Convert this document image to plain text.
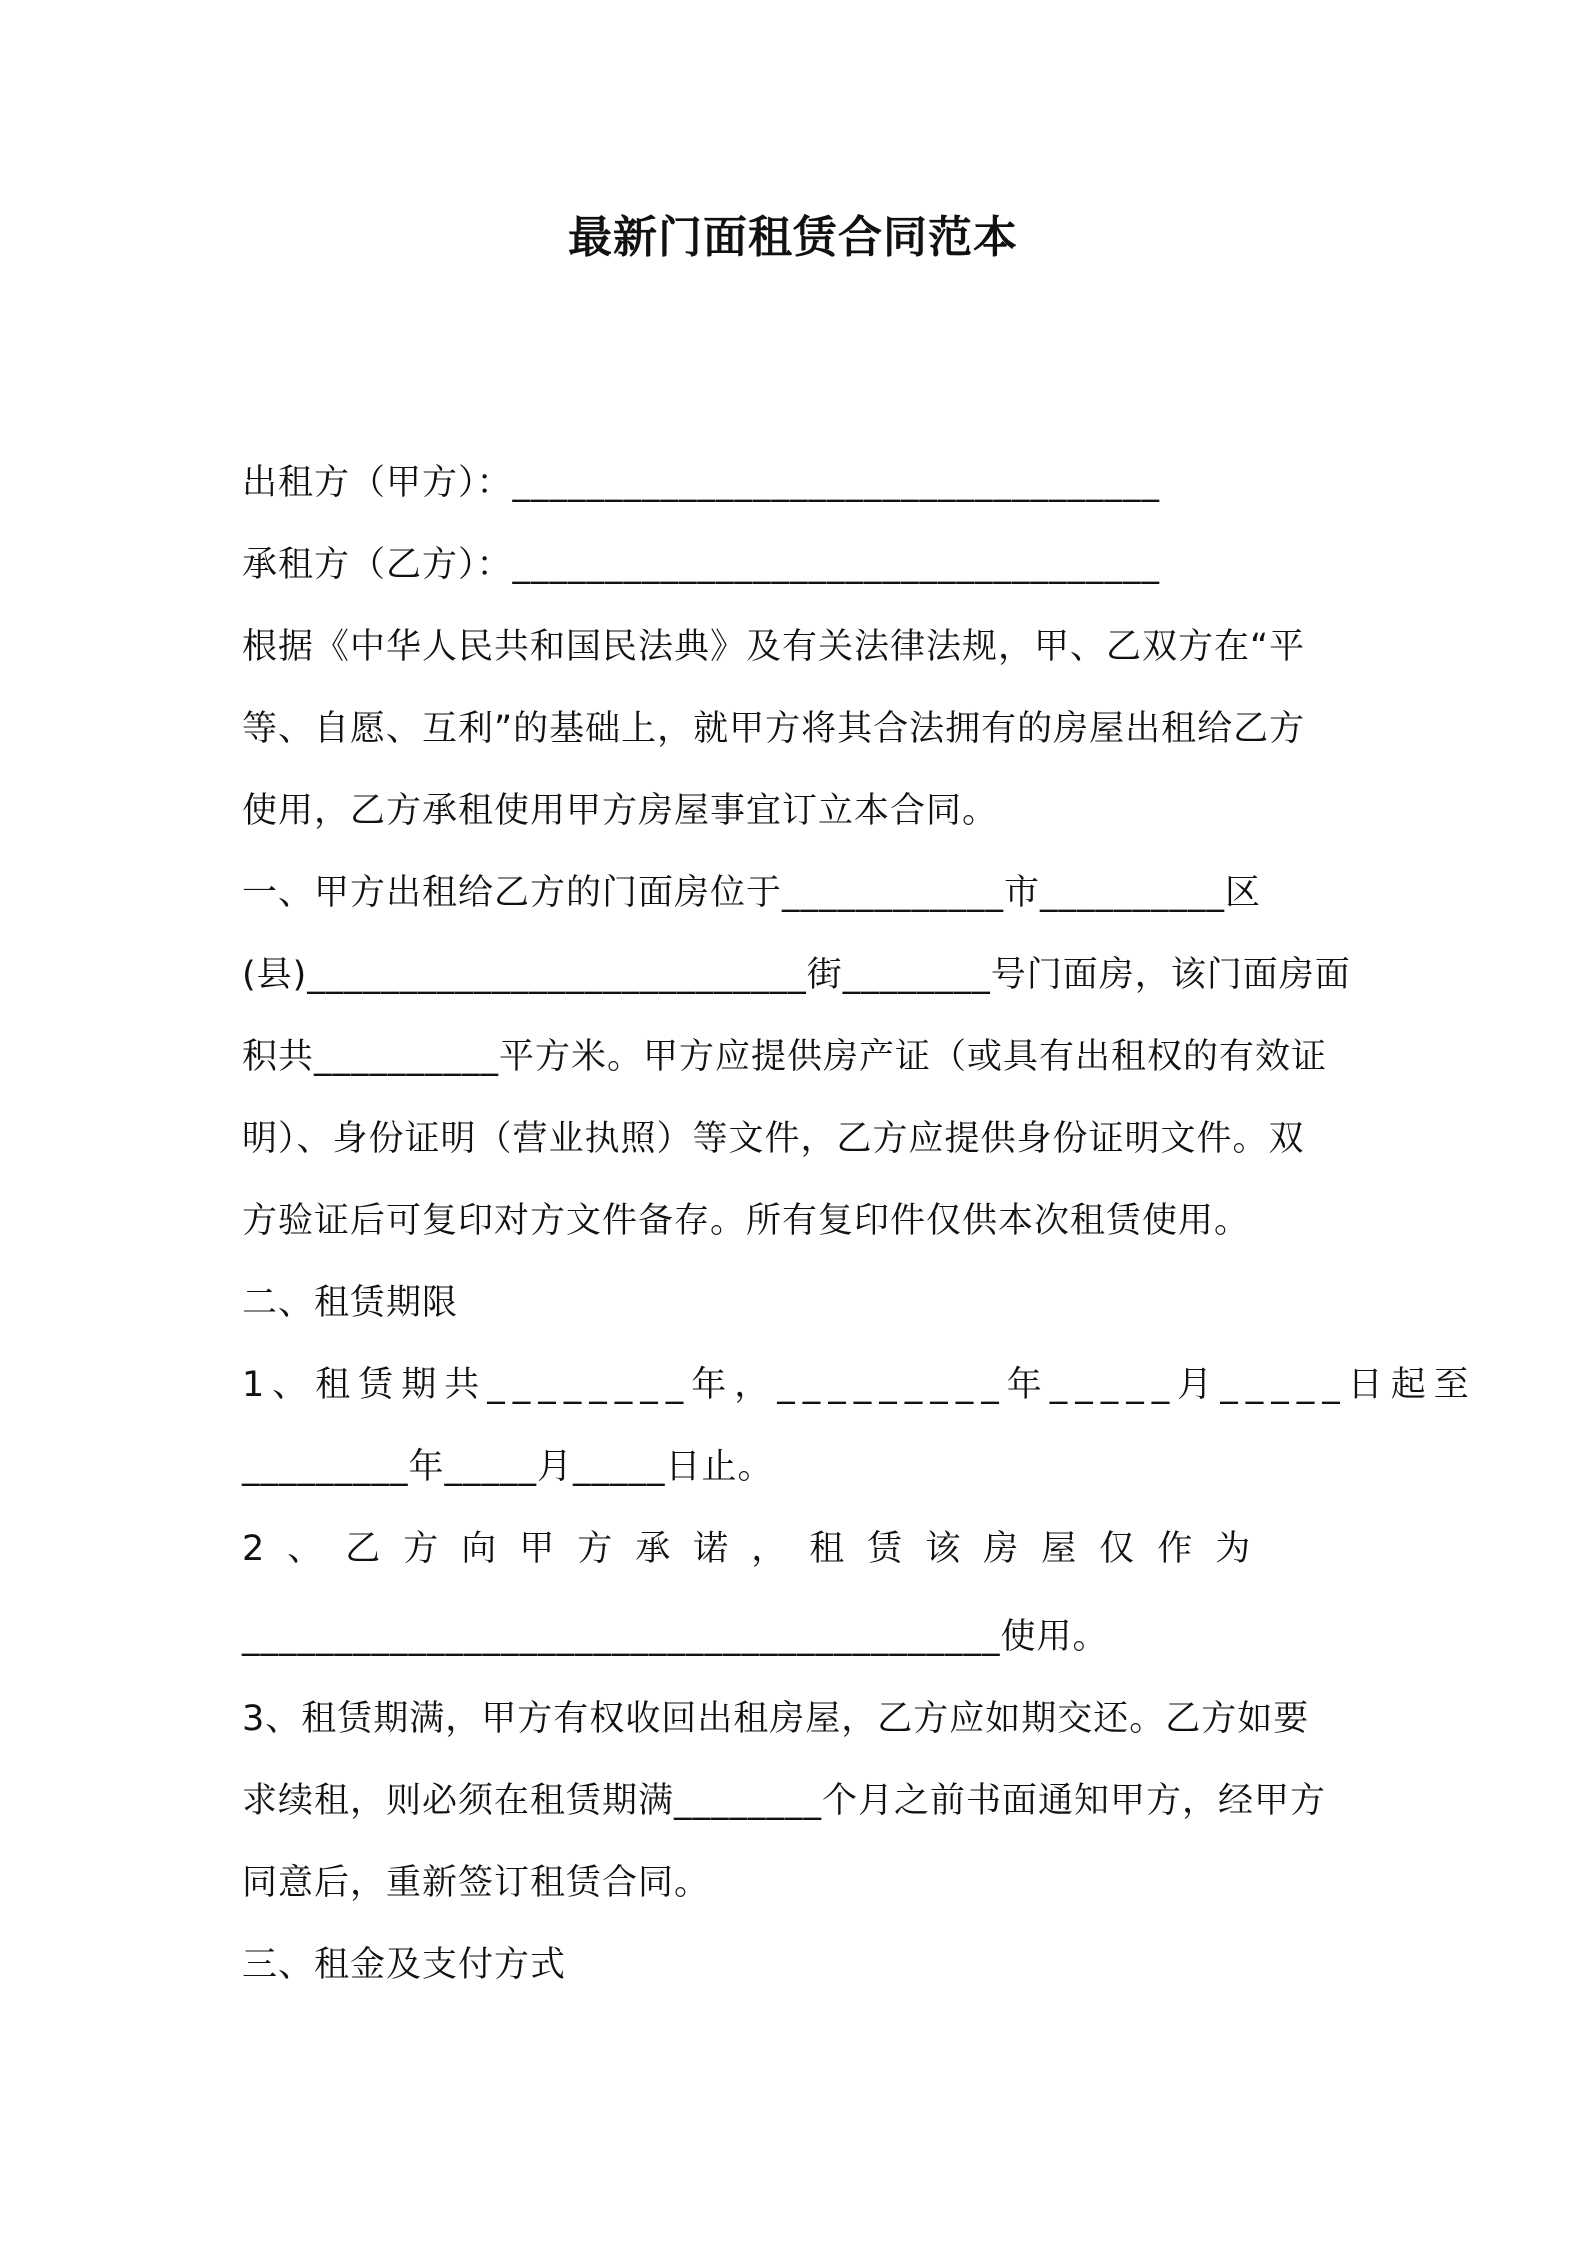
最新门面租赁合同范本
出租方（甲方）：___________________________________
承租方（乙方）：___________________________________
根据《中华人民共和国民法典》及有关法律法规，甲、乙双方在“平
等、自愿、互利”的基础上，就甲方将其合法拥有的房屋出租给乙方
使用，乙方承租使用甲方房屋事宜订立本合同。
一、甲方出租给乙方的门面房位于____________市__________区
(县)___________________________街________号门面房，该门面房面
积共__________平方米。甲方应提供房产证（或具有出租权的有效证
明）、身份证明（营业执照）等文件，乙方应提供身份证明文件。双
方验证后可复印对方文件备存。所有复印件仅供本次租赁使用。
二、租赁期限
1、租赁期共________年，_________年_____月_____日起至
_________年_____月_____日止。
2、乙方向甲方承诺，租赁该房屋仅作为
_________________________________________使用。
3、租赁期满，甲方有权收回出租房屋，乙方应如期交还。乙方如要
求续租，则必须在租赁期满________个月之前书面通知甲方，经甲方
同意后，重新签订租赁合同。
三、租金及支付方式
